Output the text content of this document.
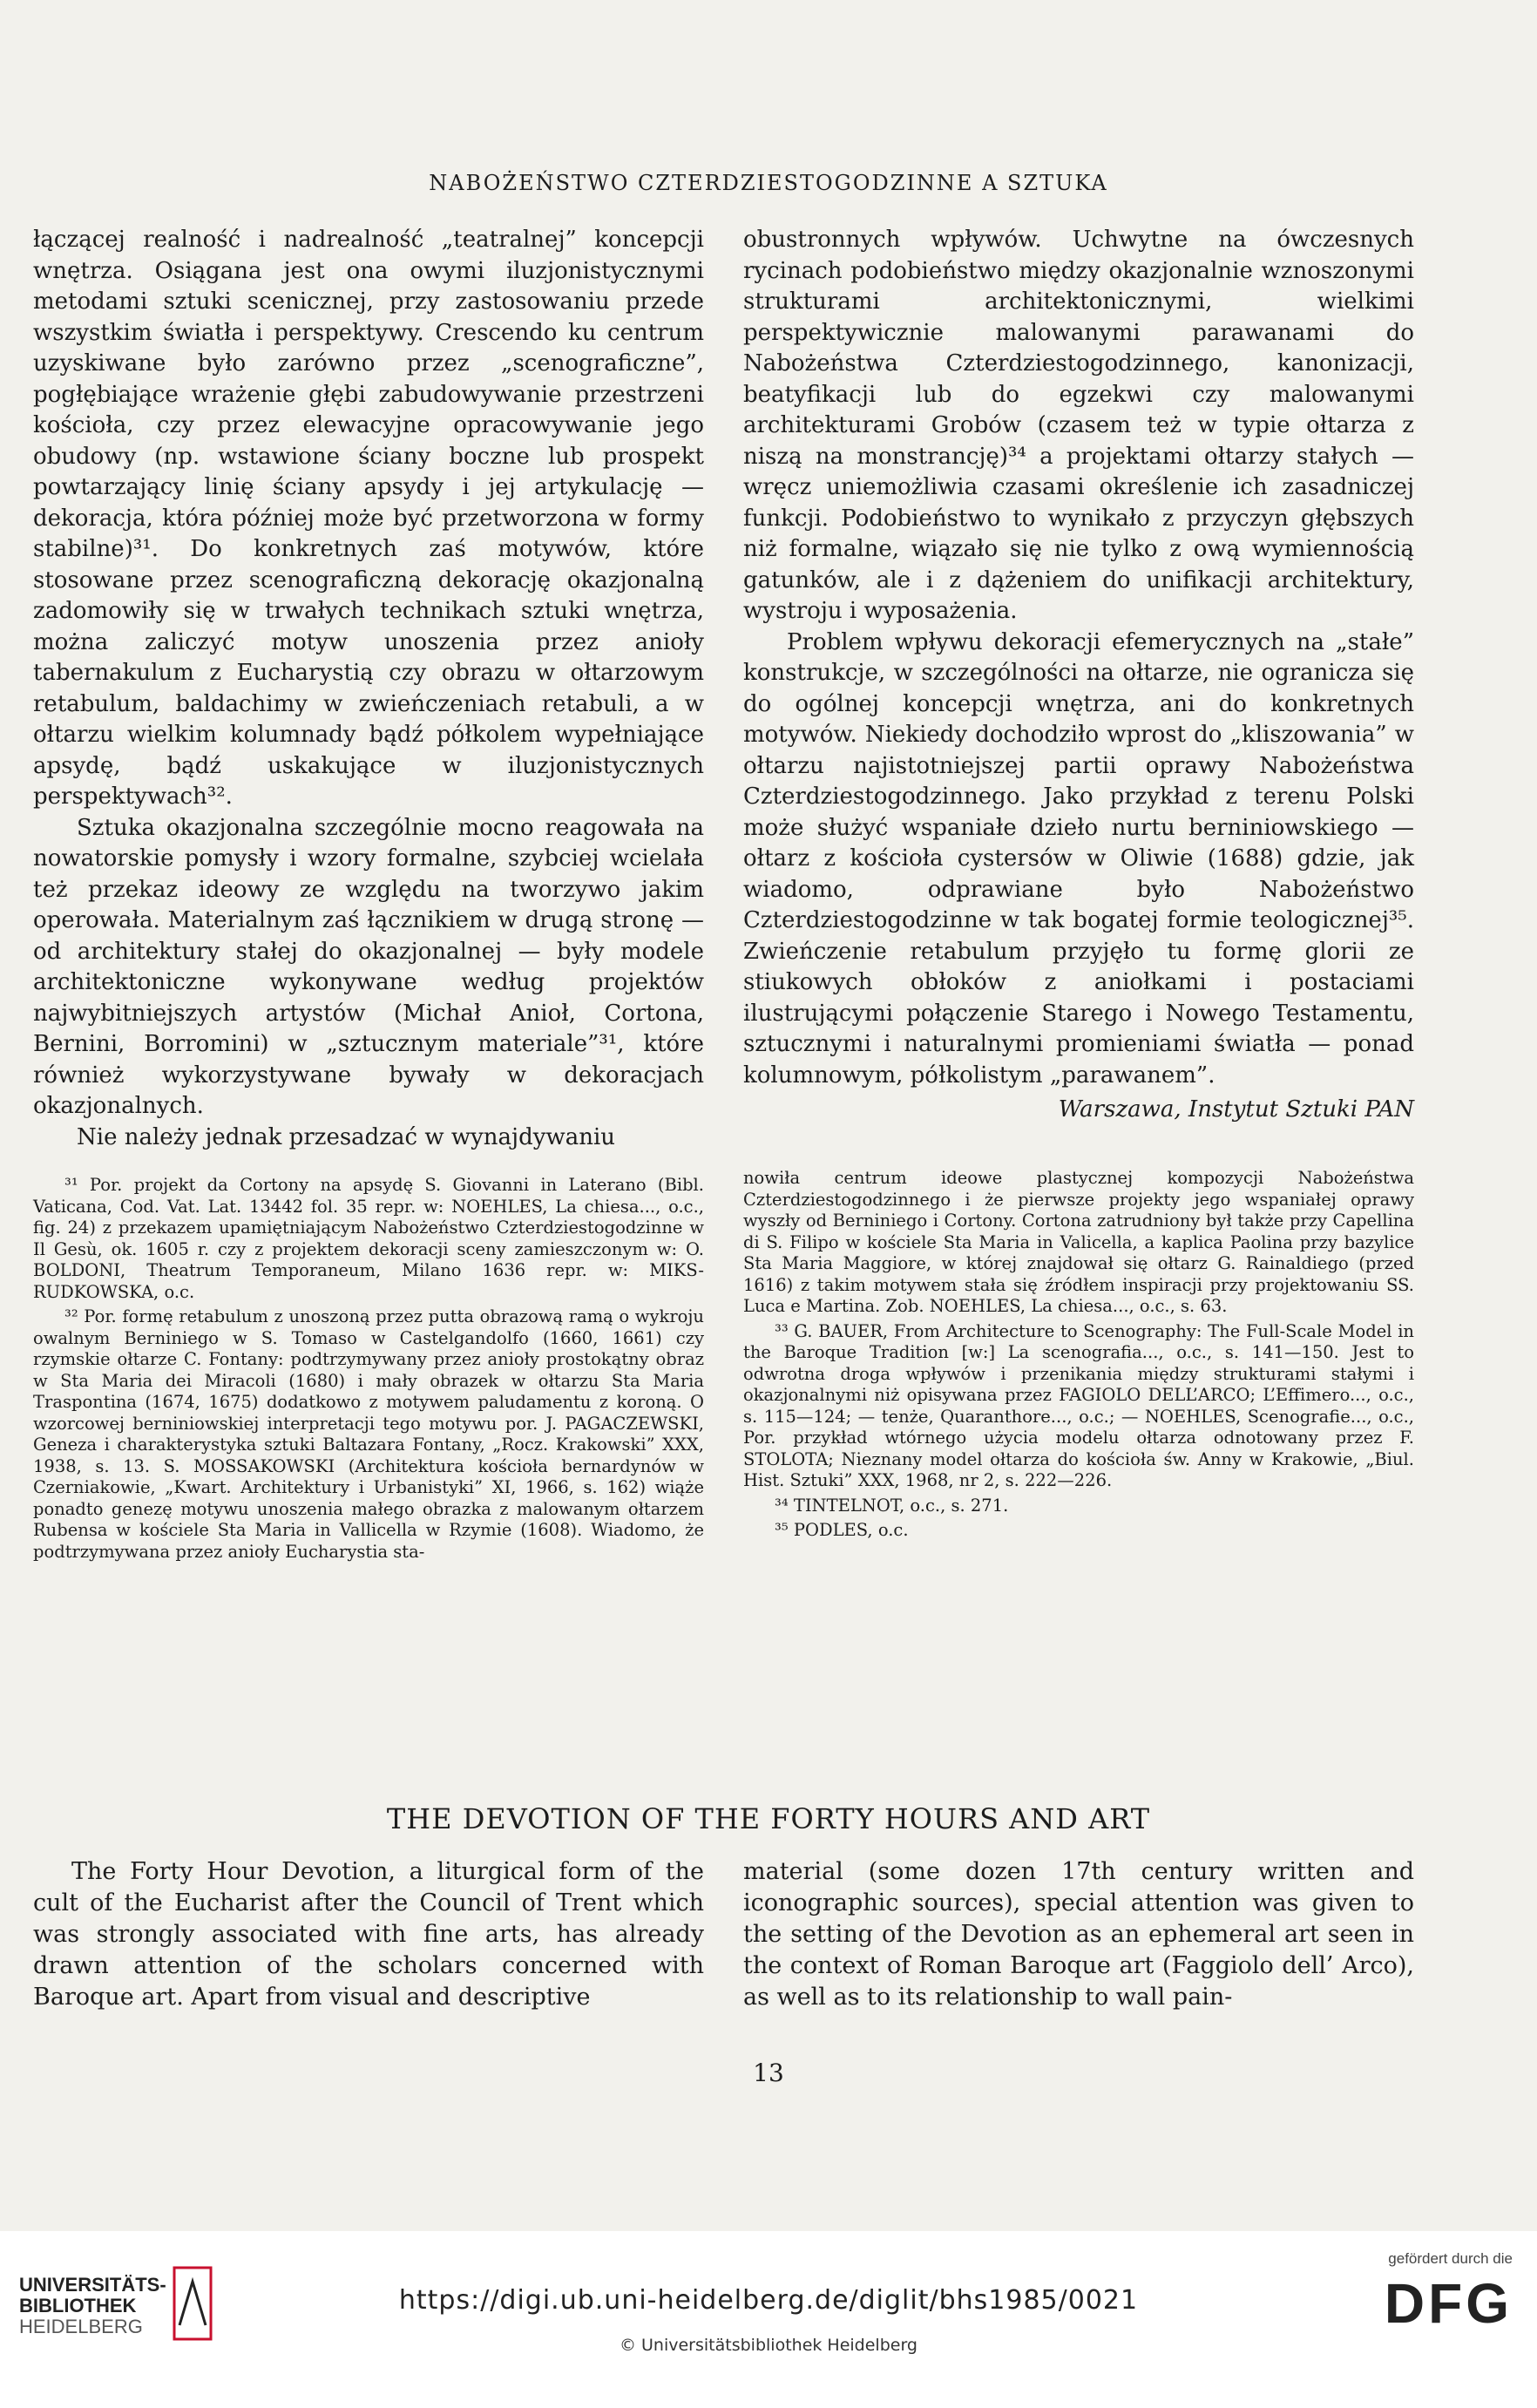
NABOŻEŃSTWO CZTERDZIESTOGODZINNE A SZTUKA

łączącej realność i nadrealność „teatralnej” koncepcji wnętrza. Osiągana jest ona owymi iluzjonistycznymi metodami sztuki scenicznej, przy zastosowaniu przede wszystkim światła i perspektywy. Crescendo ku centrum uzyskiwane było zarówno przez „scenograficzne”, pogłębiające wrażenie głębi zabudowywanie przestrzeni kościoła, czy przez elewacyjne opracowywanie jego obudowy (np. wstawione ściany boczne lub prospekt powtarzający linię ściany apsydy i jej artykulację — dekoracja, która później może być przetworzona w formy stabilne)³¹. Do konkretnych zaś motywów, które stosowane przez scenograficzną dekorację okazjonalną zadomowiły się w trwałych technikach sztuki wnętrza, można zaliczyć motyw unoszenia przez anioły tabernakulum z Eucharystią czy obrazu w ołtarzowym retabulum, baldachimy w zwieńczeniach retabuli, a w ołtarzu wielkim kolumnady bądź półkolem wypełniające apsydę, bądź uskakujące w iluzjonistycznych perspektywach³².

Sztuka okazjonalna szczególnie mocno reagowała na nowatorskie pomysły i wzory formalne, szybciej wcielała też przekaz ideowy ze względu na tworzywo jakim operowała. Materialnym zaś łącznikiem w drugą stronę — od architektury stałej do okazjonalnej — były modele architektoniczne wykonywane według projektów najwybitniejszych artystów (Michał Anioł, Cortona, Bernini, Borromini) w „sztucznym materiale”³¹, które również wykorzystywane bywały w dekoracjach okazjonalnych.

Nie należy jednak przesadzać w wynajdywaniu

³¹ Por. projekt da Cortony na apsydę S. Giovanni in Laterano (Bibl. Vaticana, Cod. Vat. Lat. 13442 fol. 35 repr. w: NOEHLES, La chiesa..., o.c., fig. 24) z przekazem upamiętniającym Nabożeństwo Czterdziestogodzinne w Il Gesù, ok. 1605 r. czy z projektem dekoracji sceny zamieszczonym w: O. BOLDONI, Theatrum Temporaneum, Milano 1636 repr. w: MIKS-RUDKOWSKA, o.c.

³² Por. formę retabulum z unoszoną przez putta obrazową ramą o wykroju owalnym Berniniego w S. Tomaso w Castelgandolfo (1660, 1661) czy rzymskie ołtarze C. Fontany: podtrzymywany przez anioły prostokątny obraz w Sta Maria dei Miracoli (1680) i mały obrazek w ołtarzu Sta Maria Traspontina (1674, 1675) dodatkowo z motywem paludamentu z koroną. O wzorcowej berniniowskiej interpretacji tego motywu por. J. PAGACZEWSKI, Geneza i charakterystyka sztuki Baltazara Fontany, „Rocz. Krakowski” XXX, 1938, s. 13. S. MOSSAKOWSKI (Architektura kościoła bernardynów w Czerniakowie, „Kwart. Architektury i Urbanistyki” XI, 1966, s. 162) wiąże ponadto genezę motywu unoszenia małego obrazka z malowanym ołtarzem Rubensa w kościele Sta Maria in Vallicella w Rzymie (1608). Wiadomo, że podtrzymywana przez anioły Eucharystia sta-

obustronnych wpływów. Uchwytne na ówczesnych rycinach podobieństwo między okazjonalnie wznoszonymi strukturami architektonicznymi, wielkimi perspektywicznie malowanymi parawanami do Nabożeństwa Czterdziestogodzinnego, kanonizacji, beatyfikacji lub do egzekwi czy malowanymi architekturami Grobów (czasem też w typie ołtarza z niszą na monstrancję)³⁴ a projektami ołtarzy stałych — wręcz uniemożliwia czasami określenie ich zasadniczej funkcji. Podobieństwo to wynikało z przyczyn głębszych niż formalne, wiązało się nie tylko z ową wymiennością gatunków, ale i z dążeniem do unifikacji architektury, wystroju i wyposażenia.

Problem wpływu dekoracji efemerycznych na „stałe” konstrukcje, w szczególności na ołtarze, nie ogranicza się do ogólnej koncepcji wnętrza, ani do konkretnych motywów. Niekiedy dochodziło wprost do „kliszowania” w ołtarzu najistotniejszej partii oprawy Nabożeństwa Czterdziestogodzinnego. Jako przykład z terenu Polski może służyć wspaniałe dzieło nurtu berniniowskiego — ołtarz z kościoła cystersów w Oliwie (1688) gdzie, jak wiadomo, odprawiane było Nabożeństwo Czterdziestogodzinne w tak bogatej formie teologicznej³⁵. Zwieńczenie retabulum przyjęło tu formę glorii ze stiukowych obłoków z aniołkami i postaciami ilustrującymi połączenie Starego i Nowego Testamentu, sztucznymi i naturalnymi promieniami światła — ponad kolumnowym, półkolistym „parawanem”.

Warszawa, Instytut Sztuki PAN

nowiła centrum ideowe plastycznej kompozycji Nabożeństwa Czterdziestogodzinnego i że pierwsze projekty jego wspaniałej oprawy wyszły od Berniniego i Cortony. Cortona zatrudniony był także przy Capellina di S. Filipo w kościele Sta Maria in Valicella, a kaplica Paolina przy bazylice Sta Maria Maggiore, w której znajdował się ołtarz G. Rainaldiego (przed 1616) z takim motywem stała się źródłem inspiracji przy projektowaniu SS. Luca e Martina. Zob. NOEHLES, La chiesa..., o.c., s. 63.

³³ G. BAUER, From Architecture to Scenography: The Full-Scale Model in the Baroque Tradition [w:] La scenografia..., o.c., s. 141—150. Jest to odwrotna droga wpływów i przenikania między strukturami stałymi i okazjonalnymi niż opisywana przez FAGIOLO DELL’ARCO; L’Effimero..., o.c., s. 115—124; — tenże, Quaranthore..., o.c.; — NOEHLES, Scenografie..., o.c., Por. przykład wtórnego użycia modelu ołtarza odnotowany przez F. STOLOTA; Nieznany model ołtarza do kościoła św. Anny w Krakowie, „Biul. Hist. Sztuki” XXX, 1968, nr 2, s. 222—226.

³⁴ TINTELNOT, o.c., s. 271.

³⁵ PODLES, o.c.

THE DEVOTION OF THE FORTY HOURS AND ART
The Forty Hour Devotion, a liturgical form of the cult of the Eucharist after the Council of Trent which was strongly associated with fine arts, has already drawn attention of the scholars concerned with Baroque art. Apart from visual and descriptive
material (some dozen 17th century written and iconographic sources), special attention was given to the setting of the Devotion as an ephemeral art seen in the context of Roman Baroque art (Faggiolo dell’ Arco), as well as to its relationship to wall pain-
13
UNIVERSITÄTS-
BIBLIOTHEK
HEIDELBERG
https://digi.ub.uni-heidelberg.de/diglit/bhs1985/0021
© Universitätsbibliothek Heidelberg
gefördert durch die
DFG
